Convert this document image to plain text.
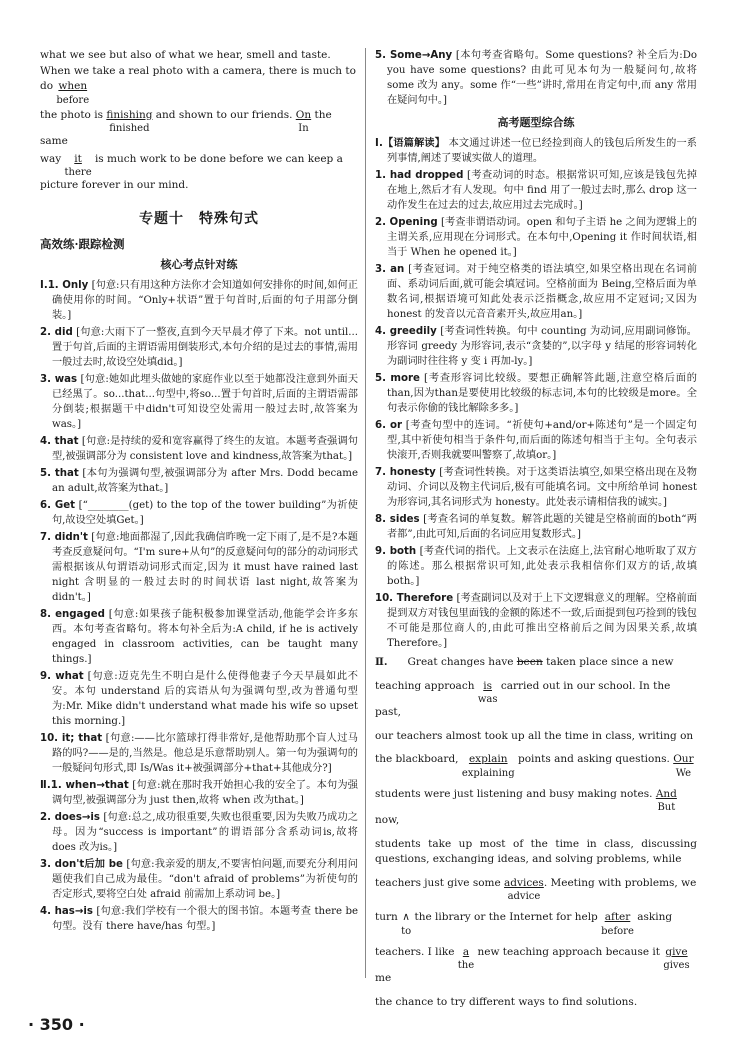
what we see but also of what we hear, smell and taste. When we take a real photo with a camera, there is much to do when
before

the photo is finishing
finished
and shown to our friends. $\frac{On}{In}$ the same

way it
there
is much work to be done before we can keep a

picture forever in our mind.

专题十　特殊句式
高效练·跟踪检测
核心考点针对练

Ⅰ.1. Only [句意:只有用这种方法你才会知道如何安排你的时间,如何正确使用你的时间。“Only+状语”置于句首时,后面的句子用部分倒装。]

2. did [句意:大雨下了一整夜,直到今天早晨才停了下来。not until...置于句首,后面的主谓语需用倒装形式,本句介绍的是过去的事情,需用一般过去时,故设空处填did。]

3. was [句意:她如此埋头做她的家庭作业以至于她都没注意到外面天已经黑了。so...that...句型中,将so...置于句首时,后面的主谓语需部分倒装;根据题干中didn't可知设空处需用一般过去时,故答案为was。]

4. that [句意:是持续的爱和宽容赢得了终生的友谊。本题考查强调句型,被强调部分为 consistent love and kindness,故答案为that。]

5. that [本句为强调句型,被强调部分为 after Mrs. Dodd became an adult,故答案为that。]

6. Get [“________(get) to the top of the tower building”为祈使句,故设空处填Get。]

7. didn't [句意:地面都湿了,因此我确信昨晚一定下雨了,是不是?本题考查反意疑问句。“I'm sure+从句”的反意疑问句的部分的动词形式需根据该从句谓语动词形式而定,因为 it must have rained last night 含明显的一般过去时的时间状语 last night,故答案为didn't。]

8. engaged [句意:如果孩子能积极参加课堂活动,他能学会许多东西。本句考查省略句。将本句补全后为:A child, if he is actively engaged in classroom activities, can be taught many things.]

9. what [句意:迈克先生不明白是什么使得他妻子今天早晨如此不安。本句 understand 后的宾语从句为强调句型,改为普通句型为:Mr. Mike didn't understand what made his wife so upset this morning.]

10. it; that [句意:——比尔篮球打得非常好,是他帮助那个盲人过马路的吗?——是的,当然是。他总是乐意帮助别人。第一句为强调句的一般疑问句形式,即 Is/Was it+被强调部分+that+其他成分?]

Ⅱ.1. when→that [句意:就在那时我开始担心我的安全了。本句为强调句型,被强调部分为 just then,故将 when 改为that。]

2. does→is [句意:总之,成功很重要,失败也很重要,因为失败乃成功之母。因为“success is important”的谓语部分含系动词is,故将 does 改为is。]

3. don't后加 be [句意:我亲爱的朋友,不要害怕问题,而要充分利用问题使我们自己成为最佳。“don't afraid of problems”为祈使句的否定形式,要将空白处 afraid 前需加上系动词 be。]

4. has→is [句意:我们学校有一个很大的图书馆。本题考查 there be 句型。没有 there have/has 句型。]

5. Some→Any [本句考查省略句。Some questions? 补全后为:Do you have some questions? 由此可见本句为一般疑问句,故将 some 改为 any。some 作“一些”讲时,常用在肯定句中,而 any 常用在疑问句中。]

高考题型综合练

Ⅰ.【语篇解读】 本文通过讲述一位已经捡到商人的钱包后所发生的一系列事情,阐述了要诚实做人的道理。

1. had dropped [考查动词的时态。根据常识可知,应该是钱包先掉在地上,然后才有人发现。句中 find 用了一般过去时,那么 drop 这一动作发生在过去的过去,故应用过去完成时。]

2. Opening [考查非谓语动词。open 和句子主语 he 之间为逻辑上的主谓关系,应用现在分词形式。在本句中,Opening it 作时间状语,相当于 When he opened it。]

3. an [考查冠词。对于纯空格类的语法填空,如果空格出现在名词前面、系动词后面,就可能会填冠词。空格前面为 Being,空格后面为单数名词,根据语境可知此处表示泛指概念,故应用不定冠词;又因为 honest 的发音以元音音素开头,故应用an。]

4. greedily [考查词性转换。句中 counting 为动词,应用副词修饰。形容词 greedy 为形容词,表示“贪婪的”,以字母 y 结尾的形容词转化为副词时往往将 y 变 i 再加-ly。]

5. more [考查形容词比较级。要想正确解答此题,注意空格后面的than,因为than是要使用比较级的标志词,本句的比较级是more。全句表示你偷的钱比解除多多。]

6. or [考查句型中的连词。“祈使句+and/or+陈述句”是一个固定句型,其中祈使句相当于条件句,而后面的陈述句相当于主句。全句表示快滚开,否则我就要叫警察了,故填or。]

7. honesty [考查词性转换。对于这类语法填空,如果空格出现在及物动词、介词以及物主代词后,极有可能填名词。文中所给单词 honest 为形容词,其名词形式为 honesty。此处表示请相信我的诚实。]

8. sides [考查名词的单复数。解答此题的关键是空格前面的both“两者都”,由此可知,后面的名词应用复数形式。]

9. both [考查代词的指代。上文表示在法庭上,法官耐心地听取了双方的陈述。那么根据常识可知,此处表示我相信你们双方的话,故填 both。]

10. Therefore [考查副词以及对于上下文逻辑意义的理解。空格前面提到双方对钱包里面钱的金额的陈述不一致,后面提到包巧捡到的钱包不可能是那位商人的,由此可推出空格前后之间为因果关系,故填 Therefore。]

Ⅱ. Great changes have been taken place since a new

teaching approach is
was
carried out in our school. In the past,

our teachers almost took up all the time in class, writing on

the blackboard, explain
explaining
points and asking questions. Our
We

students were just listening and busy making notes. And
But
now,

students take up most of the time in class, discussing questions, exchanging ideas, and solving problems, while

teachers just give some advices
advice
. Meeting with problems, we

turn ∧
to
the library or the Internet for help after
before
asking

teachers. I like a
the
new teaching approach because it give
gives
me

the chance to try different ways to find solutions.

· 350 ·
